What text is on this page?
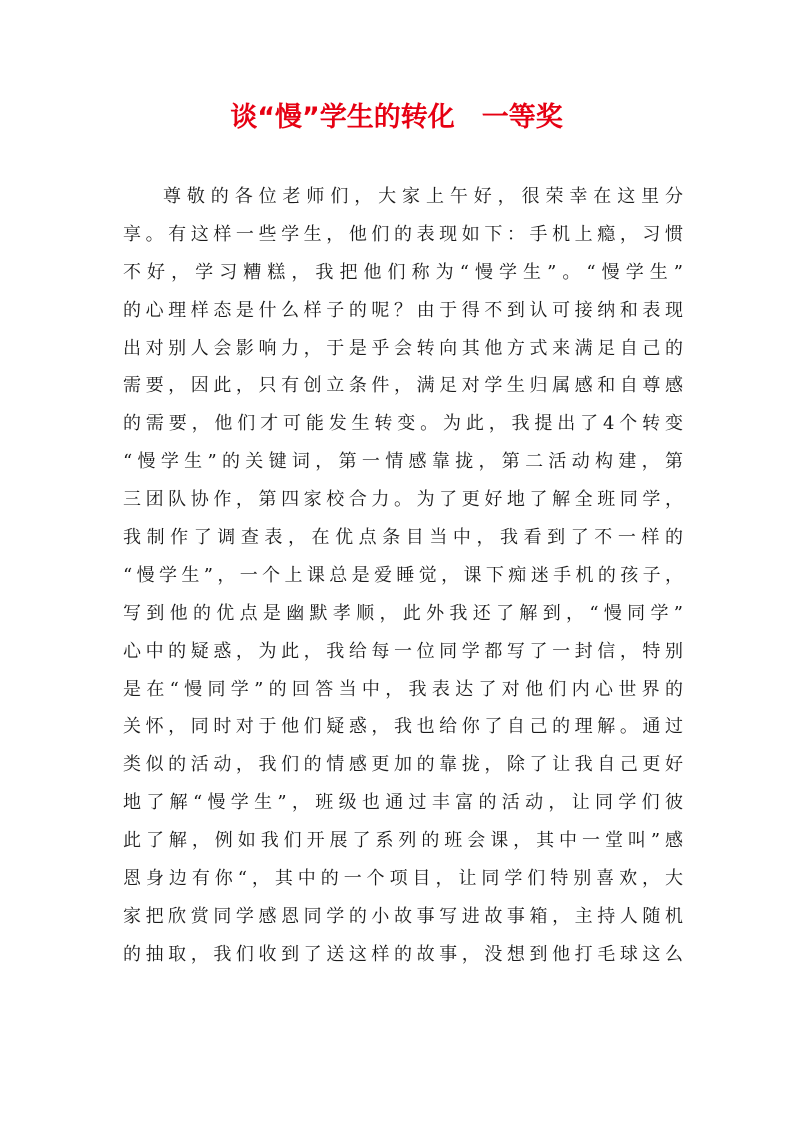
谈“慢”学生的转化　一等奖
尊敬的各位老师们，大家上午好，很荣幸在这里分
享。有这样一些学生，他们的表现如下：手机上瘾，习惯
不好，学习糟糕，我把他们称为“慢学生”。“慢学生”
的心理样态是什么样子的呢？由于得不到认可接纳和表现
出对别人会影响力，于是乎会转向其他方式来满足自己的
需要，因此，只有创立条件，满足对学生归属感和自尊感
的需要，他们才可能发生转变。为此，我提出了4个转变
“慢学生”的关键词，第一情感靠拢，第二活动构建，第
三团队协作，第四家校合力。为了更好地了解全班同学，
我制作了调查表，在优点条目当中，我看到了不一样的
“慢学生”，一个上课总是爱睡觉，课下痴迷手机的孩子，
写到他的优点是幽默孝顺，此外我还了解到，“慢同学”
心中的疑惑，为此，我给每一位同学都写了一封信，特别
是在“慢同学”的回答当中，我表达了对他们内心世界的
关怀，同时对于他们疑惑，我也给你了自己的理解。通过
类似的活动，我们的情感更加的靠拢，除了让我自己更好
地了解“慢学生”，班级也通过丰富的活动，让同学们彼
此了解，例如我们开展了系列的班会课，其中一堂叫”感
恩身边有你“，其中的一个项目，让同学们特别喜欢，大
家把欣赏同学感恩同学的小故事写进故事箱，主持人随机
的抽取，我们收到了送这样的故事，没想到他打毛球这么
